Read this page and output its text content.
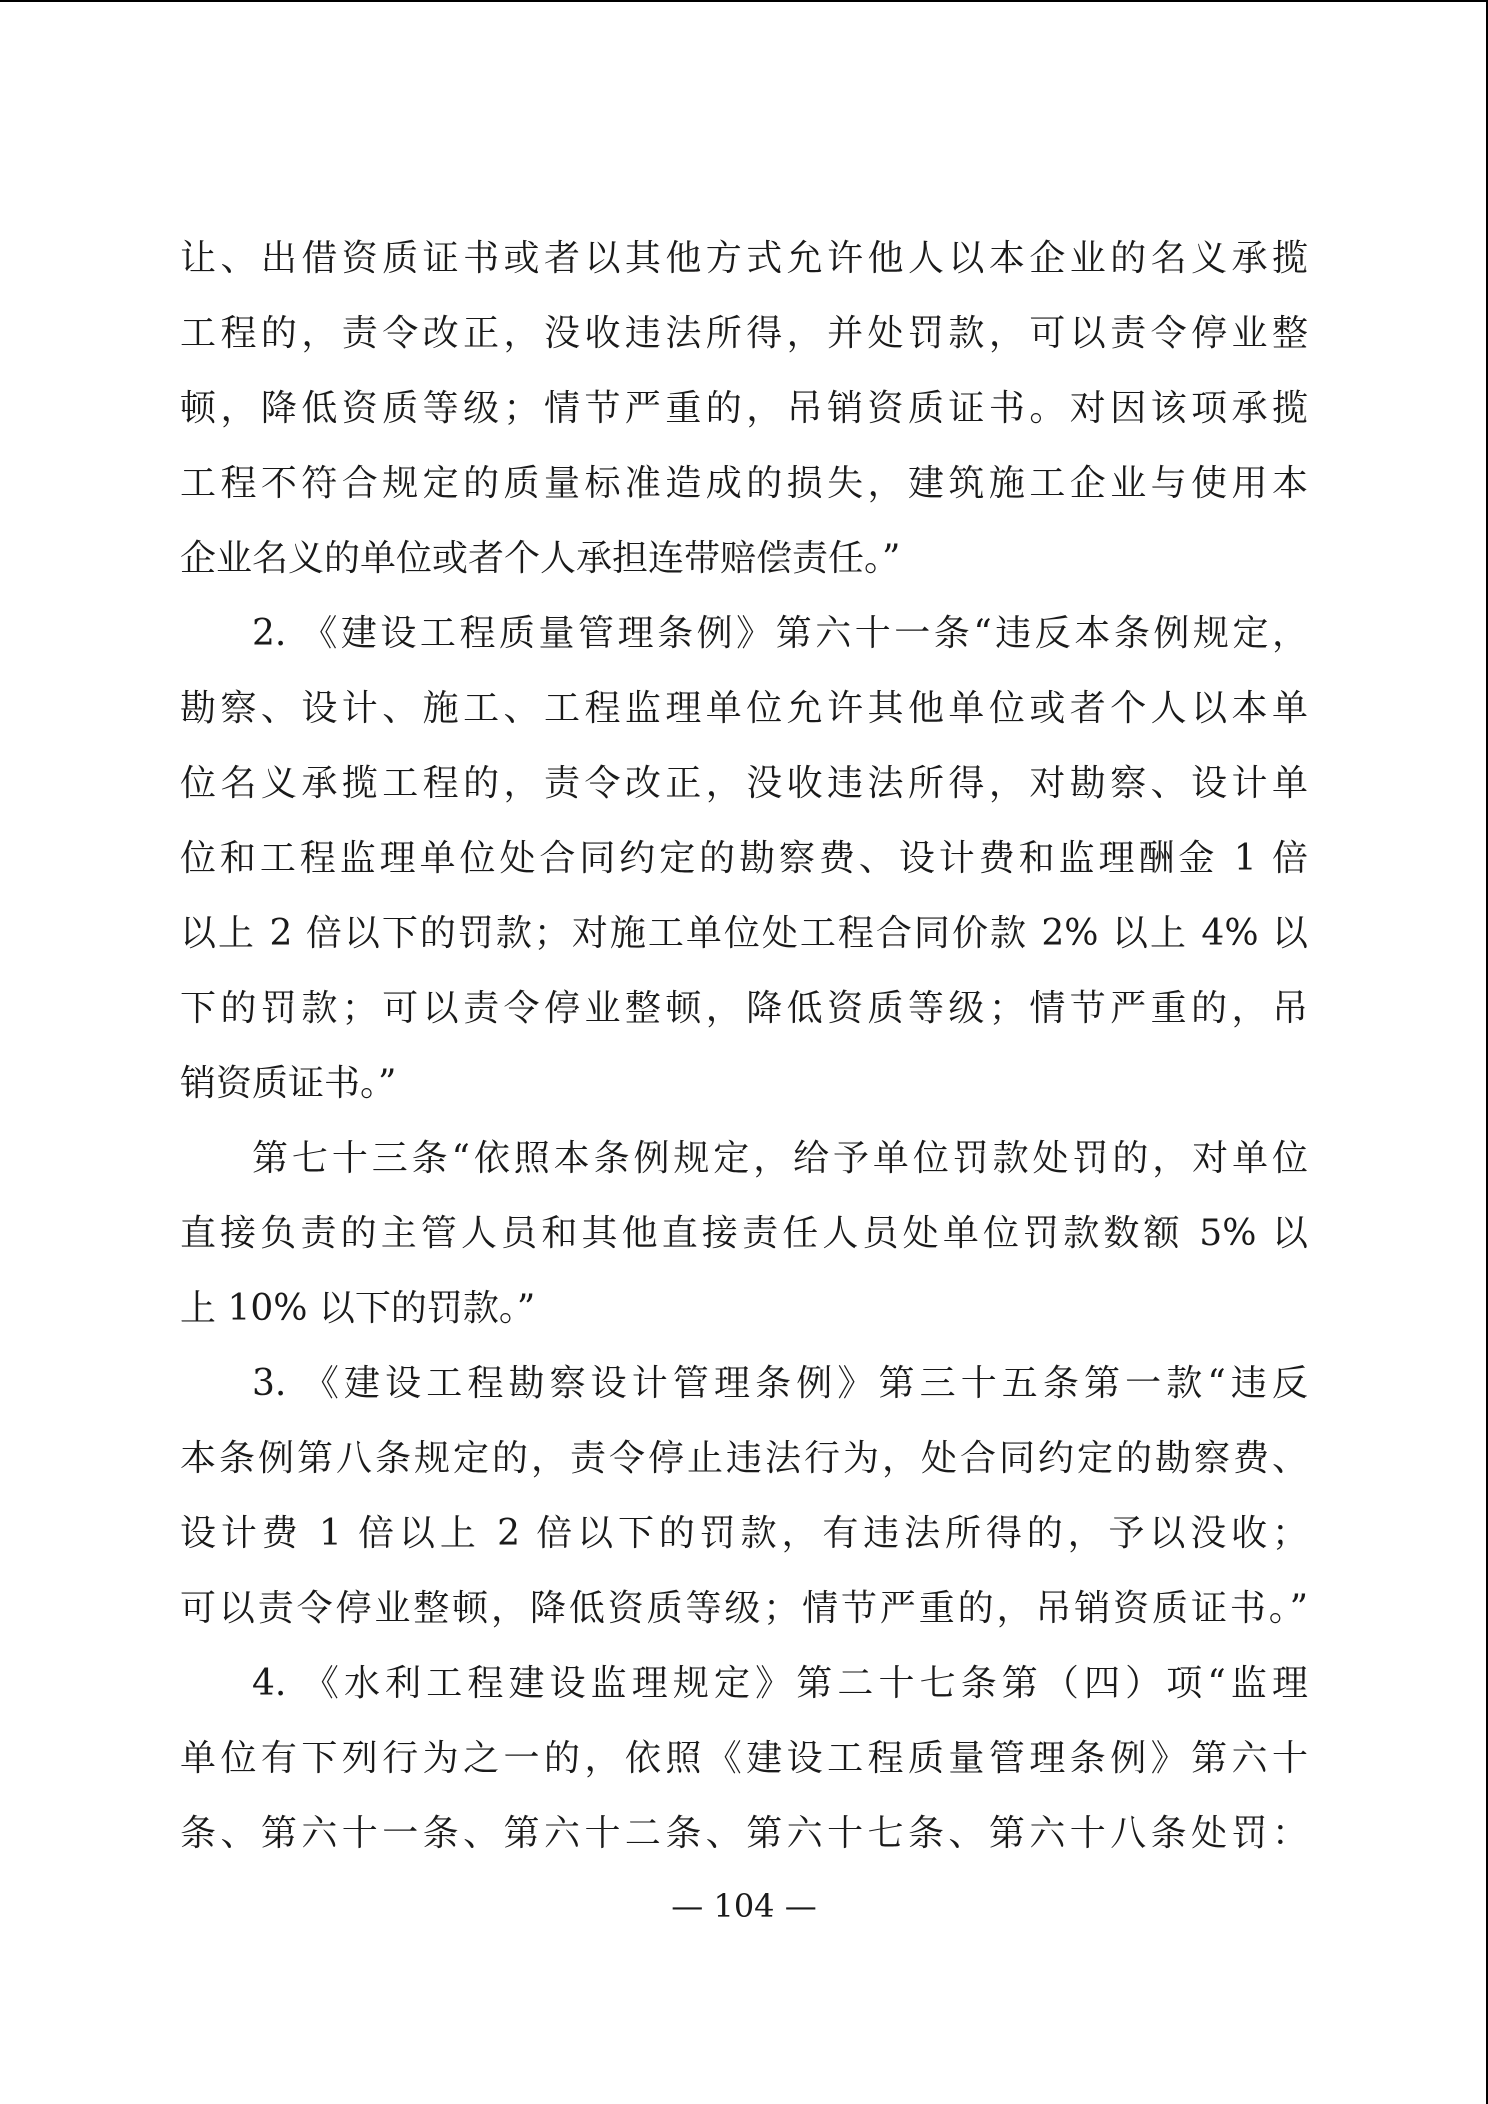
让、出借资质证书或者以其他方式允许他人以本企业的名义承揽

工程的，责令改正，没收违法所得，并处罚款，可以责令停业整

顿，降低资质等级；情节严重的，吊销资质证书。对因该项承揽

工程不符合规定的质量标准造成的损失，建筑施工企业与使用本

企业名义的单位或者个人承担连带赔偿责任。”

2. 《建设工程质量管理条例》第六十一条“违反本条例规定，

勘察、设计、施工、工程监理单位允许其他单位或者个人以本单

位名义承揽工程的，责令改正，没收违法所得，对勘察、设计单

位和工程监理单位处合同约定的勘察费、设计费和监理酬金 1 倍

以上 2 倍以下的罚款；对施工单位处工程合同价款 2% 以上 4% 以

下的罚款；可以责令停业整顿，降低资质等级；情节严重的，吊

销资质证书。”

第七十三条“依照本条例规定，给予单位罚款处罚的，对单位

直接负责的主管人员和其他直接责任人员处单位罚款数额 5% 以

上 10% 以下的罚款。”

3. 《建设工程勘察设计管理条例》第三十五条第一款“违反

本条例第八条规定的，责令停止违法行为，处合同约定的勘察费、

设计费 1 倍以上 2 倍以下的罚款，有违法所得的，予以没收；

可以责令停业整顿，降低资质等级；情节严重的，吊销资质证书。”

4. 《水利工程建设监理规定》第二十七条第（四）项“监理

单位有下列行为之一的，依照《建设工程质量管理条例》第六十

条、第六十一条、第六十二条、第六十七条、第六十八条处罚：

— 104 —
